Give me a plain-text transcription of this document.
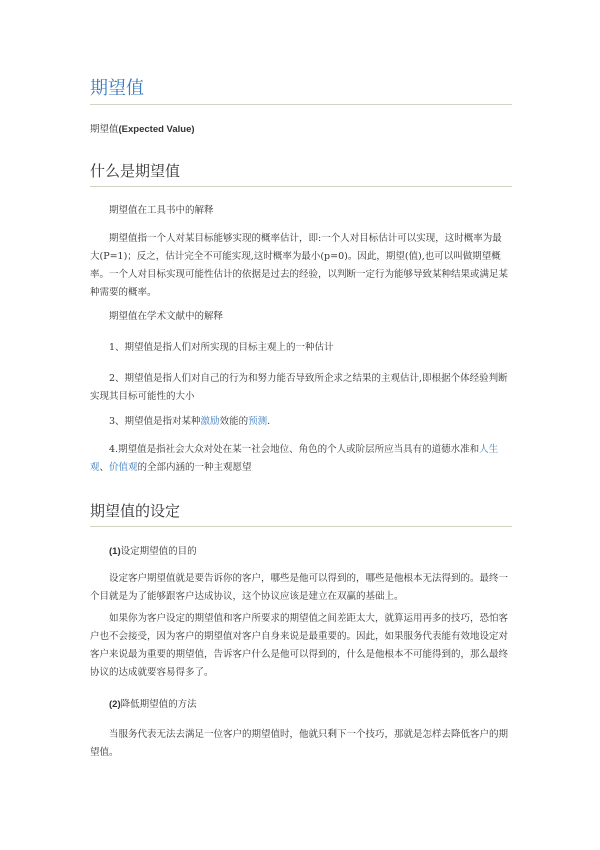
期望值
期望值(Expected Value)
什么是期望值

期望值在工具书中的解释

期望值指一个人对某目标能够实现的概率估计，即:一个人对目标估计可以实现，这时概率为最大(P=1)；反之，估计完全不可能实现,这时概率为最小(p=0)。因此，期望(值),也可以叫做期望概率。一个人对目标实现可能性估计的依据是过去的经验，以判断一定行为能够导致某种结果或满足某种需要的概率。

期望值在学术文献中的解释

1、期望值是指人们对所实现的目标主观上的一种估计

2、期望值是指人们对自己的行为和努力能否导致所企求之结果的主观估计,即根据个体经验判断实现其目标可能性的大小

3、期望值是指对某种激励效能的预测.

4.期望值是指社会大众对处在某一社会地位、角色的个人或阶层所应当具有的道德水准和人生观、价值观的全部内涵的一种主观愿望

期望值的设定

(1)设定期望值的目的

设定客户期望值就是要告诉你的客户，哪些是他可以得到的，哪些是他根本无法得到的。最终一个目就是为了能够跟客户达成协议，这个协议应该是建立在双赢的基础上。

如果你为客户设定的期望值和客户所要求的期望值之间差距太大，就算运用再多的技巧，恐怕客户也不会接受，因为客户的期望值对客户自身来说是最重要的。因此，如果服务代表能有效地设定对客户来说最为重要的期望值，告诉客户什么是他可以得到的，什么是他根本不可能得到的，那么最终协议的达成就要容易得多了。

(2)降低期望值的方法

当服务代表无法去满足一位客户的期望值时，他就只剩下一个技巧，那就是怎样去降低客户的期望值。
